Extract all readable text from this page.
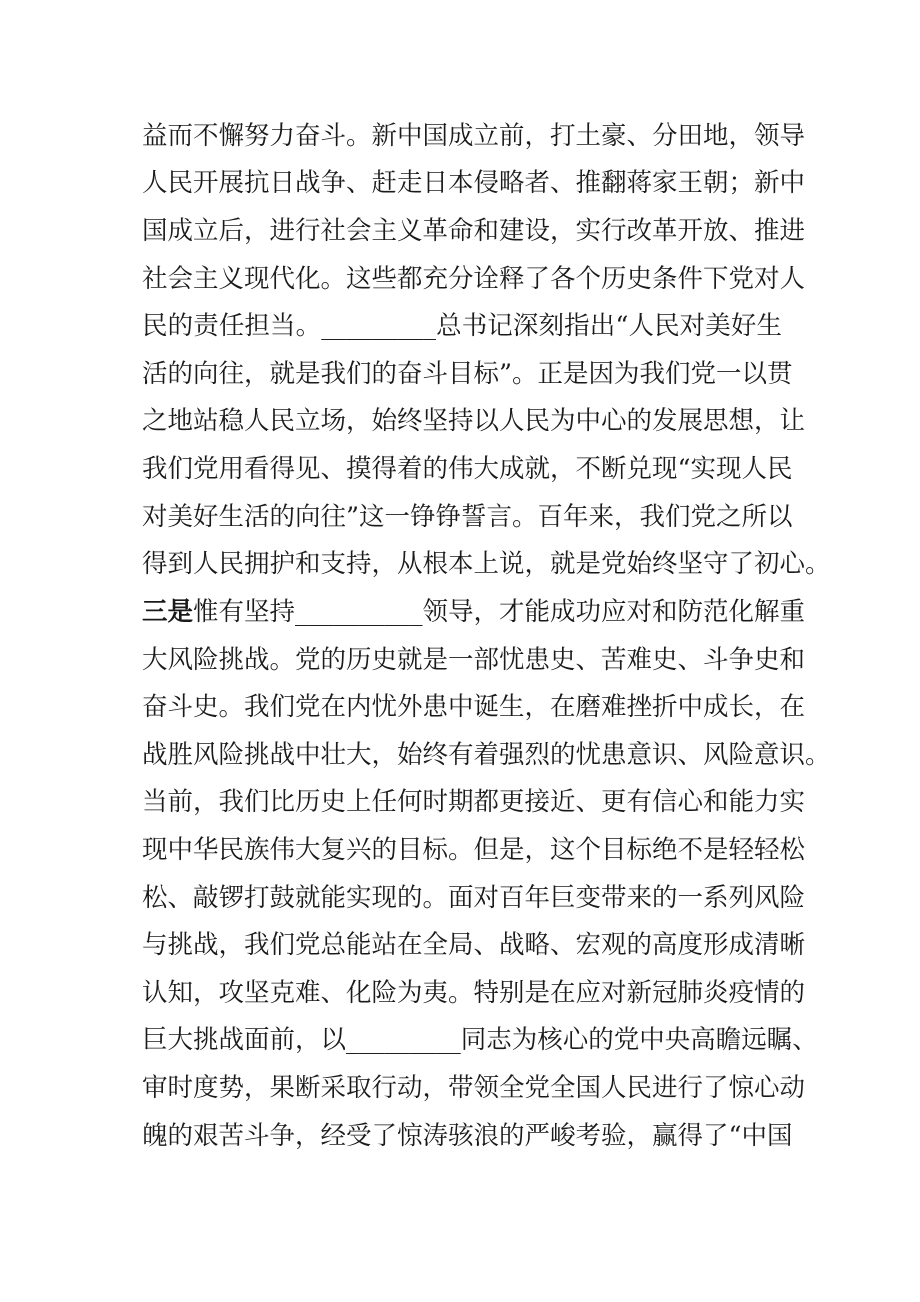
益而不懈努力奋斗。新中国成立前，打土豪、分田地，领导
人民开展抗日战争、赶走日本侵略者、推翻蒋家王朝；新中
国成立后，进行社会主义革命和建设，实行改革开放、推进
社会主义现代化。这些都充分诠释了各个历史条件下党对人
民的责任担当。_________总书记深刻指出“人民对美好生
活的向往，就是我们的奋斗目标”。正是因为我们党一以贯
之地站稳人民立场，始终坚持以人民为中心的发展思想，让
我们党用看得见、摸得着的伟大成就，不断兑现“实现人民
对美好生活的向往”这一铮铮誓言。百年来，我们党之所以
得到人民拥护和支持，从根本上说，就是党始终坚守了初心。
三是惟有坚持__________领导，才能成功应对和防范化解重
大风险挑战。党的历史就是一部忧患史、苦难史、斗争史和
奋斗史。我们党在内忧外患中诞生，在磨难挫折中成长，在
战胜风险挑战中壮大，始终有着强烈的忧患意识、风险意识。
当前，我们比历史上任何时期都更接近、更有信心和能力实
现中华民族伟大复兴的目标。但是，这个目标绝不是轻轻松
松、敲锣打鼓就能实现的。面对百年巨变带来的一系列风险
与挑战，我们党总能站在全局、战略、宏观的高度形成清晰
认知，攻坚克难、化险为夷。特别是在应对新冠肺炎疫情的
巨大挑战面前，以_________同志为核心的党中央高瞻远瞩、
审时度势，果断采取行动，带领全党全国人民进行了惊心动
魄的艰苦斗争，经受了惊涛骇浪的严峻考验，赢得了“中国
